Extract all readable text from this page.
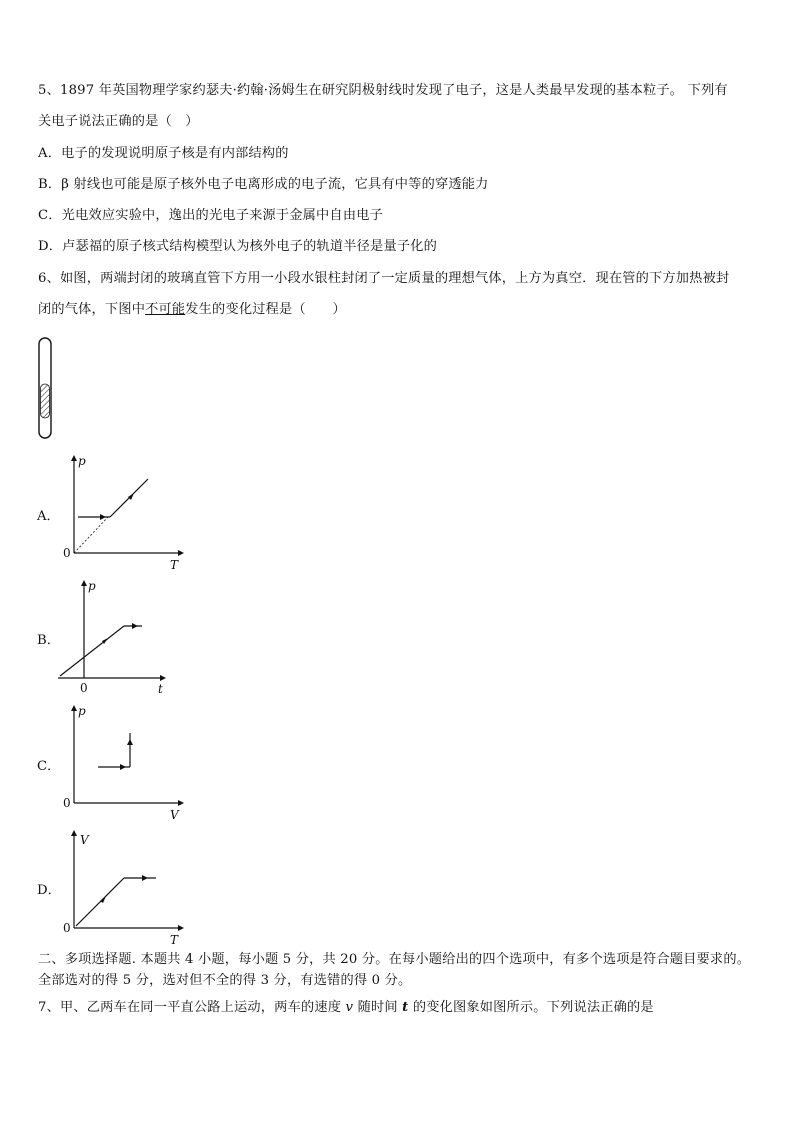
5、1897 年英国物理学家约瑟夫·约翰·汤姆生在研究阴极射线时发现了电子，这是人类最早发现的基本粒子。 下列有
关电子说法正确的是（　）
A．电子的发现说明原子核是有内部结构的
B．β 射线也可能是原子核外电子电离形成的电子流，它具有中等的穿透能力
C．光电效应实验中，逸出的光电子来源于金属中自由电子
D．卢瑟福的原子核式结构模型认为核外电子的轨道半径是量子化的
6、如图，两端封闭的玻璃直管下方用一小段水银柱封闭了一定质量的理想气体，上方为真空．现在管的下方加热被封
闭的气体，下图中不可能发生的变化过程是（　　）
A．
p
T
0
B．
p
t
0
C．
p
V
0
D．
V
T
0
二、多项选择题. 本题共 4 小题，每小题 5 分，共 20 分。在每小题给出的四个选项中，有多个选项是符合题目要求的。
全部选对的得 5 分，选对但不全的得 3 分，有选错的得 0 分。
7、甲、乙两车在同一平直公路上运动，两车的速度 v 随时间 t 的变化图象如图所示。下列说法正确的是
